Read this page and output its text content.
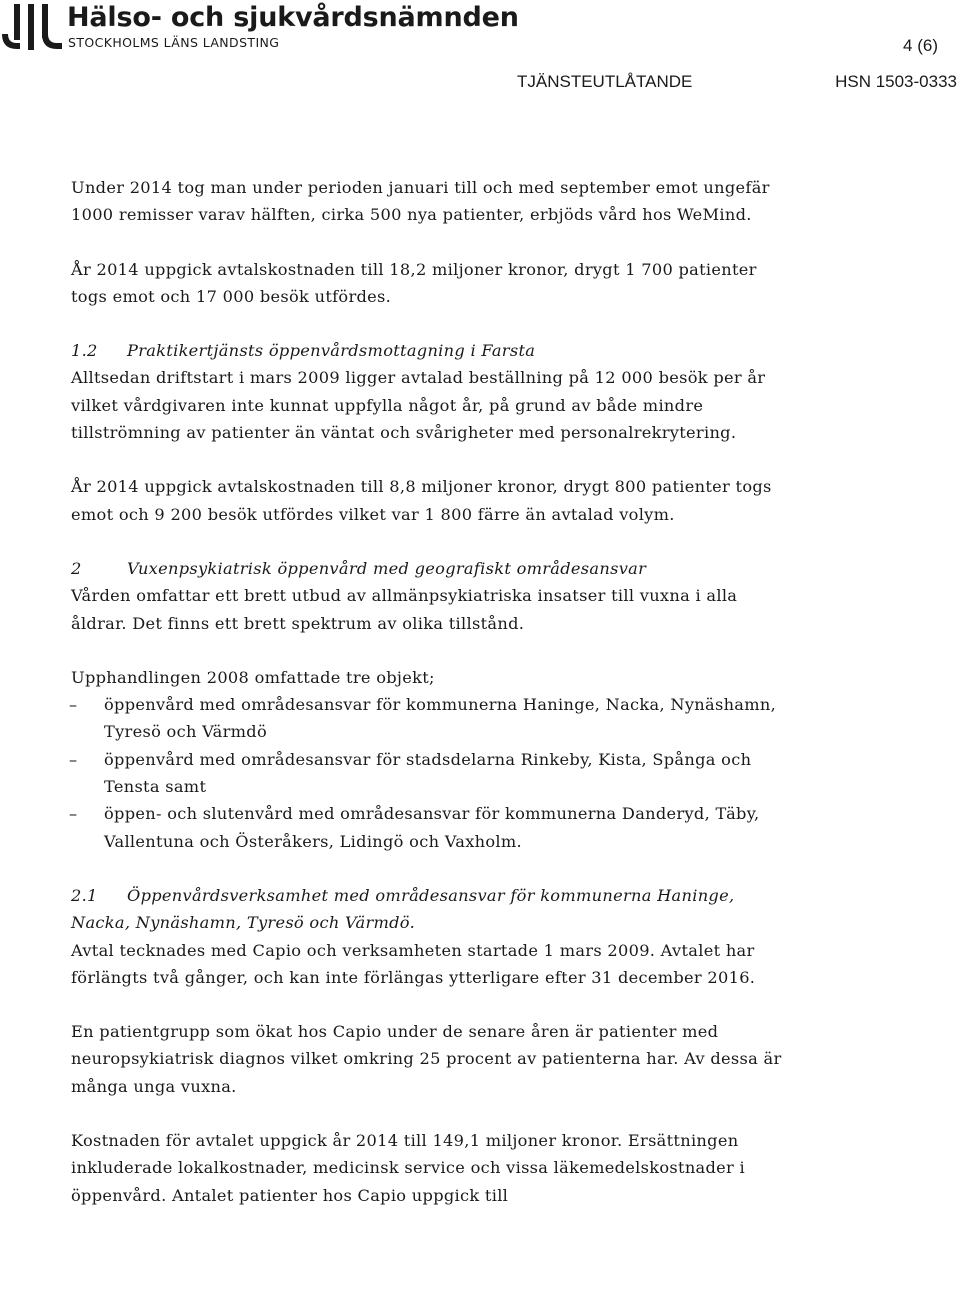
Hälso- och sjukvårdsnämnden
STOCKHOLMS LÄNS LANDSTING	4 (6)
TJÄNSTEUTLÅTANDE	HSN 1503-0333

Under 2014 tog man under perioden januari till och med september emot ungefär 1000 remisser varav hälften, cirka 500 nya patienter, erbjöds vård hos WeMind.

År 2014 uppgick avtalskostnaden till 18,2 miljoner kronor, drygt 1 700 patienter togs emot och 17 000 besök utfördes.

1.2 Praktikertjänsts öppenvårdsmottagning i Farsta

Alltsedan driftstart i mars 2009 ligger avtalad beställning på 12 000 besök per år vilket vårdgivaren inte kunnat uppfylla något år, på grund av både mindre tillströmning av patienter än väntat och svårigheter med personalrekrytering.

År 2014 uppgick avtalskostnaden till 8,8 miljoner kronor, drygt 800 patienter togs emot och 9 200 besök utfördes vilket var 1 800 färre än avtalad volym.

2	Vuxenpsykiatrisk öppenvård med geografiskt områdesansvar

Vården omfattar ett brett utbud av allmänpsykiatriska insatser till vuxna i alla åldrar. Det finns ett brett spektrum av olika tillstånd.

Upphandlingen 2008 omfattade tre objekt;

– öppenvård med områdesansvar för kommunerna Haninge, Nacka, Nynäshamn, Tyresö och Värmdö
– öppenvård med områdesansvar för stadsdelarna Rinkeby, Kista, Spånga och Tensta samt
– öppen- och slutenvård med områdesansvar för kommunerna Danderyd, Täby, Vallentuna och Österåkers, Lidingö och Vaxholm.

2.1 Öppenvårdsverksamhet med områdesansvar för kommunerna Haninge, Nacka, Nynäshamn, Tyresö och Värmdö.

Avtal tecknades med Capio och verksamheten startade 1 mars 2009. Avtalet har förlängts två gånger, och kan inte förlängas ytterligare efter 31 december 2016.

En patientgrupp som ökat hos Capio under de senare åren är patienter med neuropsykiatrisk diagnos vilket omkring 25 procent av patienterna har. Av dessa är många unga vuxna.

Kostnaden för avtalet uppgick år 2014 till 149,1 miljoner kronor. Ersättningen inkluderade lokalkostnader, medicinsk service och vissa läkemedelskostnader i öppenvård. Antalet patienter hos Capio uppgick till
